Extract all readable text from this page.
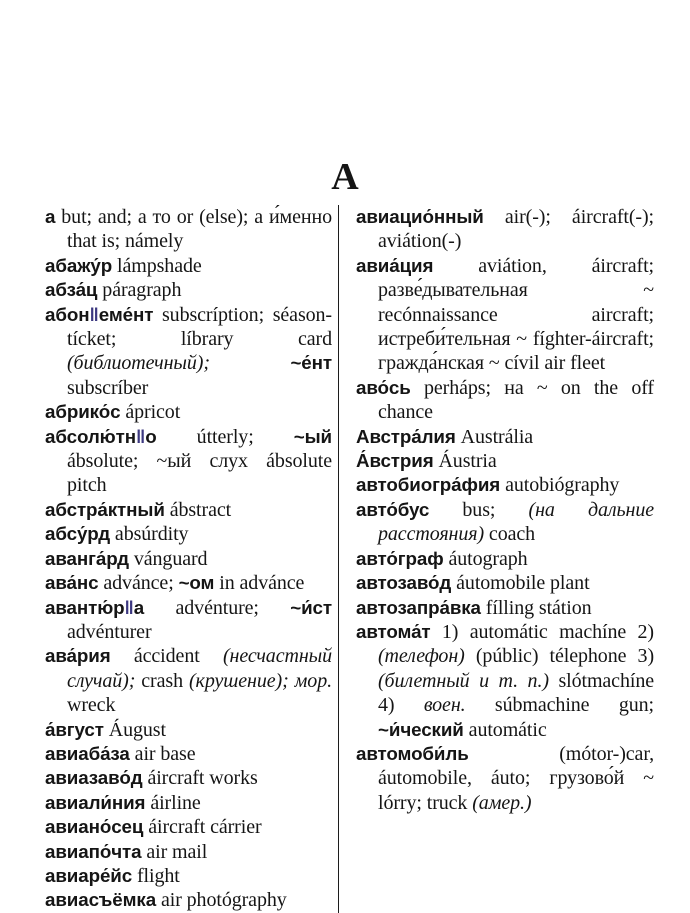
А

а but; and; а то or (else); а и́менно that is; námely

абажу́р lámpshade

абза́ц páragraph

абон‖еме́нт subscríption; séason-tícket; líbrary card (библиотечный);	~е́нт subscríber

абрико́с ápricot

абсолю́тн‖о útterly; ~ый ábsolute; ~ый слух ábsolute pitch

абстра́ктный ábstract

абсу́рд absúrdity

аванга́рд vánguard

ава́нс advánce; ~ом in advánce

авантю́р‖а advénture; ~и́ст advénturer

ава́рия áccident (несчастный случай); crash (крушение); мор. wreck

а́вгуст Áugust

авиаба́за air base

авиазаво́д áircraft works

авиали́ния áirline

авиано́сец áircraft cárrier

авиапо́чта air mail

авиаре́йс flight

авиасъёмка air photógraphy

авиацио́нный air(-); áircraft(-); aviátion(-)

авиа́ция aviátion, áircraft; разве́дывательная ~ recónnaissance aircraft; истреби́тельная ~ fíghter-áircraft; гражда́нская ~ cívil air fleet

аво́сь perháps; на ~ on the off chance

Австра́лия Austrália

А́встрия Áustria

автобиогра́фия autobiógraphy

авто́бус bus; (на дальние расстояния) coach

авто́граф áutograph

автозаво́д áutomobile plant

автозапра́вка fílling státion

автома́т 1) automátic machíne 2) (телефон) (públic) télephone 3) (билетный и т. п.) slótmachíne 4) воен. súbmachine gun; ~и́ческий automátic

автомоби́ль (mótor-)car, áutomobile, áuto; грузово́й ~ lórry; truck (амер.)
